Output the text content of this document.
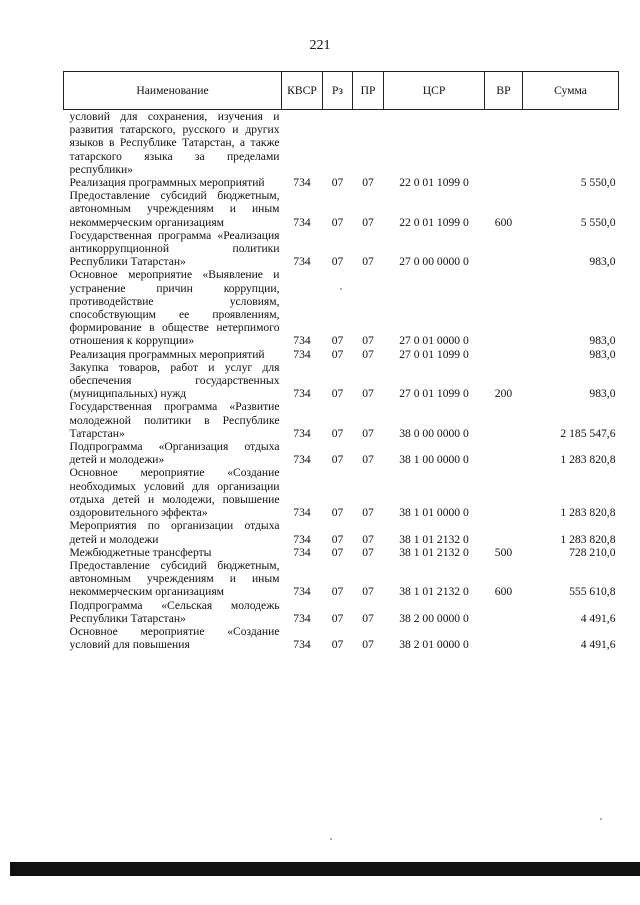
221
Наименование	КВСР	Рз	ПР	ЦСР	ВР	Сумма
условий для сохранения, изучения и развития татарского, русского и других языков в Республике Татарстан, а также татарского языка за пределами республики»						
Реализация программных мероприятий	734	07	07	22 0 01 1099 0		5 550,0
Предоставление субсидий бюджетным, автономным учреждениям и иным некоммерческим организациям	734	07	07	22 0 01 1099 0	600	5 550,0
Государственная программа «Реализация антикоррупционной политики Республики Татарстан»	734	07	07	27 0 00 0000 0		983,0
Основное мероприятие «Выявление и устранение причин коррупции, противодействие условиям, способствующим ее проявлениям, формирование в обществе нетерпимого отношения к коррупции»	734	07	07	27 0 01 0000 0		983,0
Реализация программных мероприятий	734	07	07	27 0 01 1099 0		983,0
Закупка товаров, работ и услуг для обеспечения государственных (муниципальных) нужд	734	07	07	27 0 01 1099 0	200	983,0
Государственная программа «Развитие молодежной политики в Республике Татарстан»	734	07	07	38 0 00 0000 0		2 185 547,6
Подпрограмма «Организация отдыха детей и молодежи»	734	07	07	38 1 00 0000 0		1 283 820,8
Основное мероприятие «Создание необходимых условий для организации отдыха детей и молодежи, повышение оздоровительного эффекта»	734	07	07	38 1 01 0000 0		1 283 820,8
Мероприятия по организации отдыха детей и молодежи	734	07	07	38 1 01 2132 0		1 283 820,8
Межбюджетные трансферты	734	07	07	38 1 01 2132 0	500	728 210,0
Предоставление субсидий бюджетным, автономным учреждениям и иным некоммерческим организациям	734	07	07	38 1 01 2132 0	600	555 610,8
Подпрограмма «Сельская молодежь Республики Татарстан»	734	07	07	38 2 00 0000 0		4 491,6
Основное мероприятие «Создание условий для повышения	734	07	07	38 2 01 0000 0		4 491,6
